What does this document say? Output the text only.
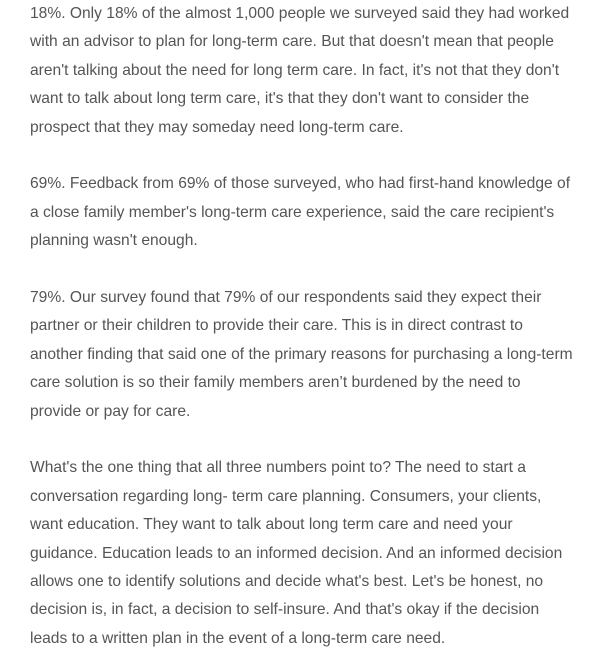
18%. Only 18% of the almost 1,000 people we surveyed said they had worked with an advisor to plan for long-term care. But that doesn't mean that people aren't talking about the need for long term care. In fact, it's not that they don't want to talk about long term care, it's that they don't want to consider the prospect that they may someday need long-term care.

69%. Feedback from 69% of those surveyed, who had first-hand knowledge of a close family member's long-term care experience, said the care recipient's planning wasn't enough.

79%. Our survey found that 79% of our respondents said they expect their partner or their children to provide their care. This is in direct contrast to another finding that said one of the primary reasons for purchasing a long-term care solution is so their family members aren’t burdened by the need to provide or pay for care.

What's the one thing that all three numbers point to? The need to start a conversation regarding long- term care planning. Consumers, your clients, want education. They want to talk about long term care and need your guidance. Education leads to an informed decision. And an informed decision allows one to identify solutions and decide what's best. Let's be honest, no decision is, in fact, a decision to self-insure. And that's okay if the decision leads to a written plan in the event of a long-term care need.
